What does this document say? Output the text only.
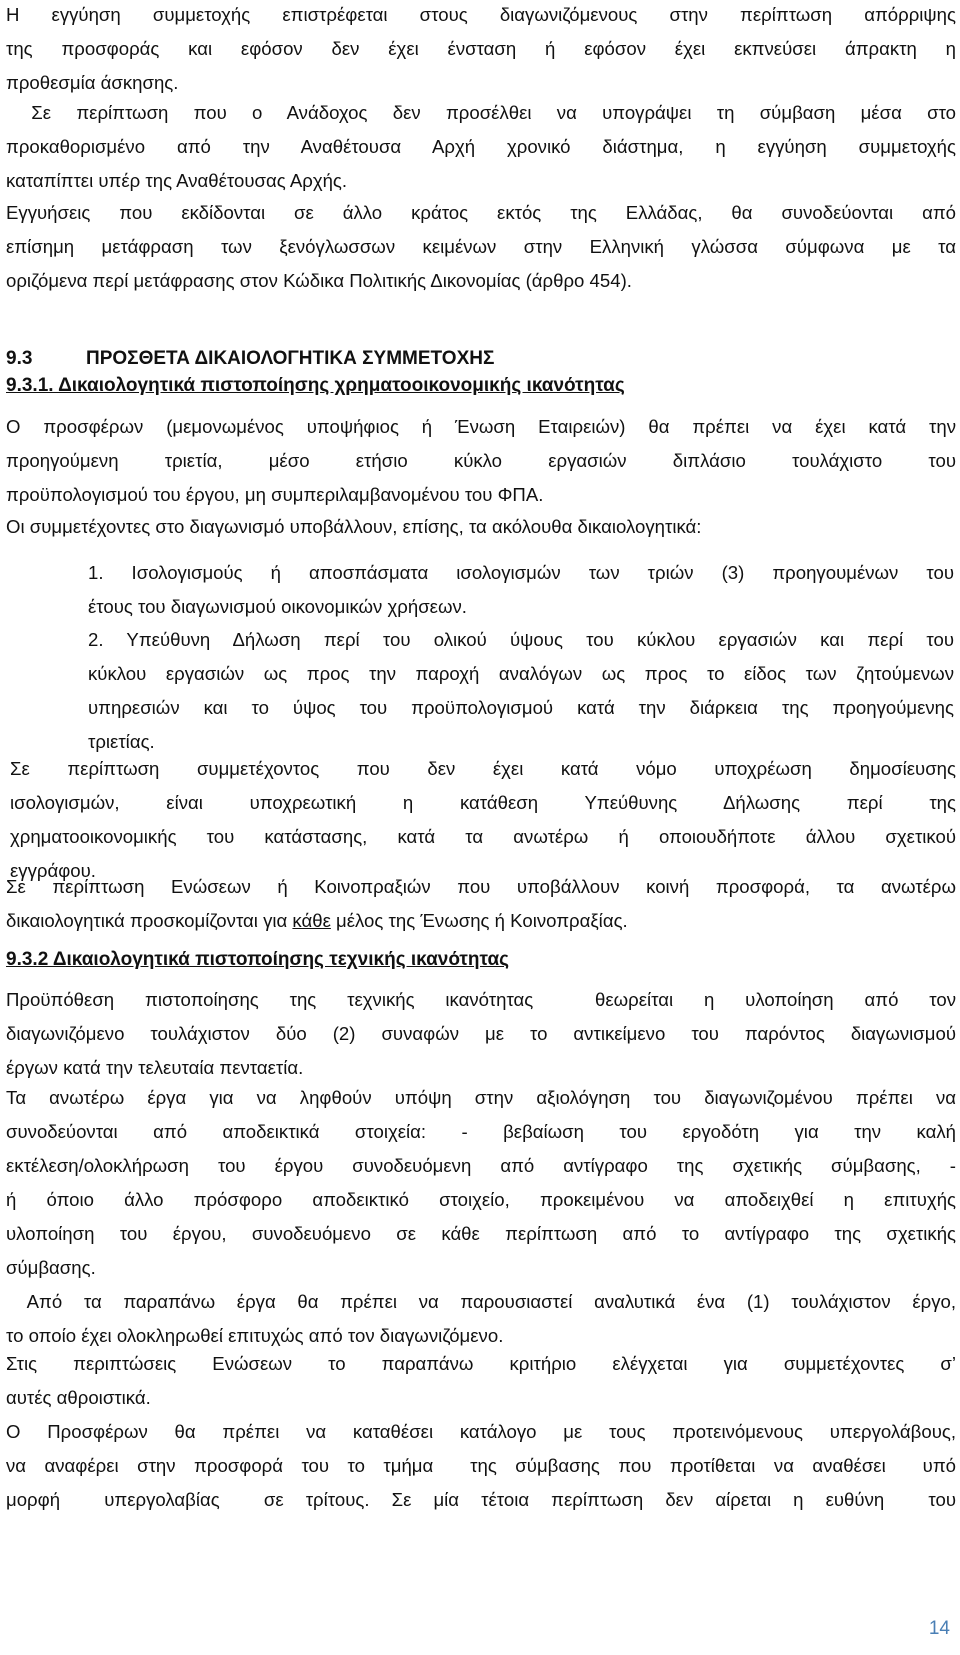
Η εγγύηση συμμετοχής επιστρέφεται στους διαγωνιζόμενους στην περίπτωση απόρριψης
της προσφοράς και εφόσον δεν έχει ένσταση ή εφόσον έχει εκπνεύσει άπρακτη η
προθεσμία άσκησης.
Σε περίπτωση που ο Ανάδοχος δεν προσέλθει να υπογράψει τη σύμβαση μέσα στο
προκαθορισμένο από την Αναθέτουσα Αρχή χρονικό διάστημα, η εγγύηση συμμετοχής
καταπίπτει υπέρ της Αναθέτουσας Αρχής.
Εγγυήσεις που εκδίδονται σε άλλο κράτος εκτός της Ελλάδας, θα συνοδεύονται από
επίσημη μετάφραση των ξενόγλωσσων κειμένων στην Ελληνική γλώσσα σύμφωνα με τα
οριζόμενα περί μετάφρασης στον Κώδικα Πολιτικής Δικονομίας (άρθρο 454).
9.3	ΠΡΟΣΘΕΤΑ ΔΙΚΑΙΟΛΟΓΗΤΙΚΑ ΣΥΜΜΕΤΟΧΗΣ
9.3.1. Δικαιολογητικά πιστοποίησης χρηματοοικονομικής ικανότητας
Ο προσφέρων (μεμονωμένος υποψήφιος ή Ένωση Εταιρειών) θα πρέπει να έχει κατά την
προηγούμενη τριετία, μέσο ετήσιο κύκλο εργασιών διπλάσιο τουλάχιστο του
προϋπολογισμού του έργου, μη συμπεριλαμβανομένου του ΦΠΑ.
Οι συμμετέχοντες στο διαγωνισμό υποβάλλουν, επίσης, τα ακόλουθα δικαιολογητικά:
1. Ισολογισμούς ή αποσπάσματα ισολογισμών των τριών (3) προηγουμένων του
έτους του διαγωνισμού οικονομικών χρήσεων.
2. Υπεύθυνη Δήλωση περί του ολικού ύψους του κύκλου εργασιών και περί του
κύκλου εργασιών ως προς την παροχή αναλόγων ως προς το είδος των ζητούμενων
υπηρεσιών και το ύψος του προϋπολογισμού κατά την διάρκεια της προηγούμενης
τριετίας.
Σε περίπτωση συμμετέχοντος που δεν έχει κατά νόμο υποχρέωση δημοσίευσης
ισολογισμών, είναι υποχρεωτική η κατάθεση Υπεύθυνης Δήλωσης περί της
χρηματοοικονομικής του κατάστασης, κατά τα ανωτέρω ή οποιουδήποτε άλλου σχετικού
εγγράφου.
Σε περίπτωση Ενώσεων ή Κοινοπραξιών που υποβάλλουν κοινή προσφορά, τα ανωτέρω
δικαιολογητικά προσκομίζονται για κάθε μέλος της Ένωσης ή Κοινοπραξίας.
9.3.2 Δικαιολογητικά πιστοποίησης τεχνικής ικανότητας
Προϋπόθεση πιστοποίησης της τεχνικής ικανότητας  θεωρείται η υλοποίηση από τον
διαγωνιζόμενο τουλάχιστον δύο (2) συναφών με το αντικείμενο του παρόντος διαγωνισμού
έργων κατά την τελευταία πενταετία.
Τα ανωτέρω έργα για να ληφθούν υπόψη στην αξιολόγηση του διαγωνιζομένου πρέπει να
συνοδεύονται από αποδεικτικά στοιχεία: - βεβαίωση του εργοδότη για την καλή
εκτέλεση/ολοκλήρωση του έργου συνοδευόμενη από αντίγραφο της σχετικής σύμβασης, -
ή όποιο άλλο πρόσφορο αποδεικτικό στοιχείο, προκειμένου να αποδειχθεί η επιτυχής
υλοποίηση του έργου, συνοδευόμενο σε κάθε περίπτωση από το αντίγραφο της σχετικής
σύμβασης.
Από τα παραπάνω έργα θα πρέπει να παρουσιαστεί αναλυτικά ένα (1) τουλάχιστον έργο,
το οποίο έχει ολοκληρωθεί επιτυχώς από τον διαγωνιζόμενο.
Στις περιπτώσεις Ενώσεων το παραπάνω κριτήριο ελέγχεται για συμμετέχοντες σ’
αυτές αθροιστικά.
Ο Προσφέρων θα πρέπει να καταθέσει κατάλογο με τους προτεινόμενους υπεργολάβους,
να αναφέρει στην προσφορά του το τμήμα  της σύμβασης που προτίθεται να αναθέσει  υπό
μορφή  υπεργολαβίας  σε τρίτους. Σε μία τέτοια περίπτωση δεν αίρεται η ευθύνη  του
14
